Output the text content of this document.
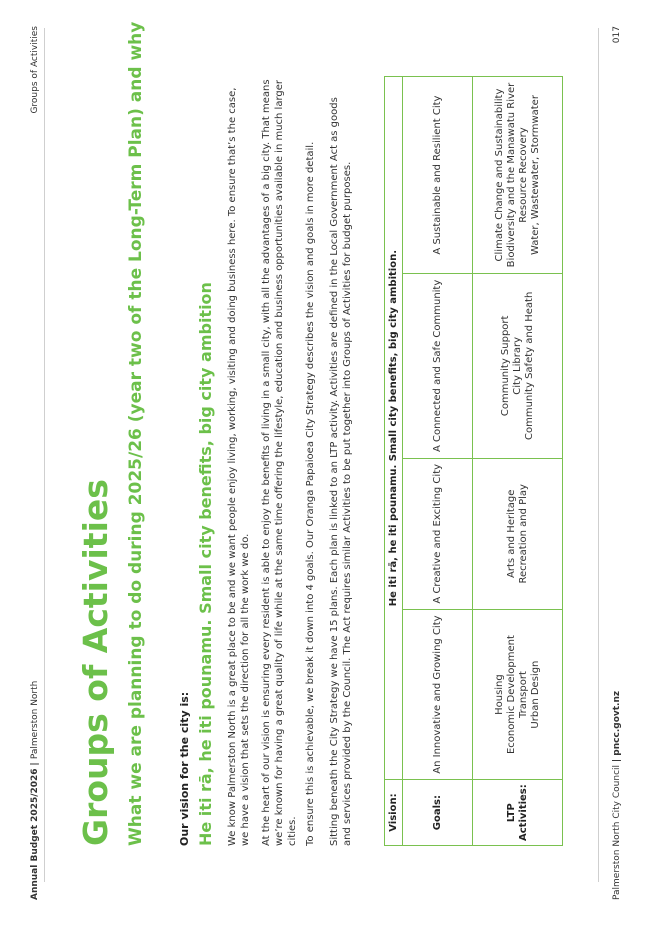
Annual Budget 2025/2026 | Palmerston North
Groups of Activities
Groups of Activities What we are planning to do during 2025/26 (year two of the Long-Term Plan) and why	Our vision for the city is: He iti rā, he iti pounamu. Small city benefits, big city ambition We know Palmerston North is a great place to be and we want people enjoy living, working, visiting and doing business here. To ensure that’s the case, we have a vision that sets the direction for all the work we do. At the heart of our vision is ensuring every resident is able to enjoy the benefits of living in a small city, with all the advantages of a big city. That means we’re known for having a great quality of life while at the same time offering the lifestyle, education and business opportunities available in much larger cities. To ensure this is achievable, we break it down into 4 goals. Our Oranga Papaioea City Strategy describes the vision and goals in more detail. Sitting beneath the City Strategy we have 15 plans. Each plan is linked to an LTP activity. Activities are defined in the Local Government Act as goods and services provided by the Council. The Act requires similar Activities to be put together into Groups of Activities for budget purposes.	Vision:	He iti rā, he iti pounamu. Small city benefits, big city ambition.			
Goals:	An Innovative and Growing City	A Creative and Exciting City	A Connected and Safe Community	A Sustainable and Resilient City

LTP Activities:	Housing Economic Development Transport Urban Design	Arts and Heritage Recreation and Play	Community Support City Library Community Safety and Heath	Climate Change and Sustainability Biodiversity and the Manawatu River Resource Recovery Water, Wastewater, Stormwater
Palmerston North City Council | pncc.govt.nz
017
